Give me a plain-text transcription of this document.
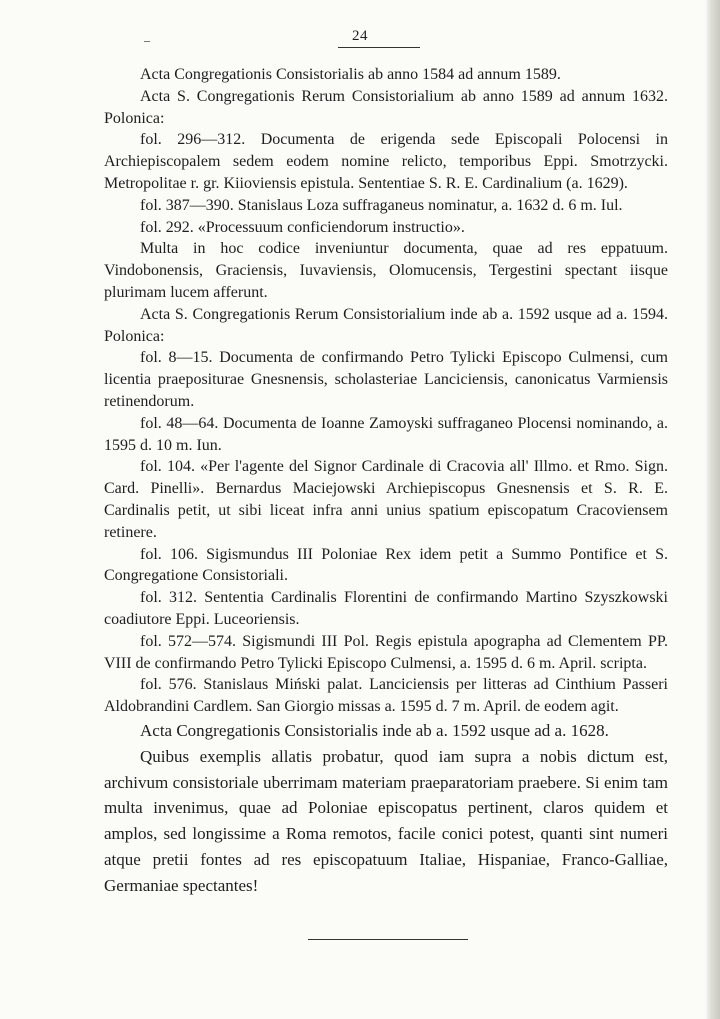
24

Acta Congregationis Consistorialis ab anno 1584 ad annum 1589.

Acta S. Congregationis Rerum Consistorialium ab anno 1589 ad annum 1632. Polonica:

fol. 296—312. Documenta de erigenda sede Episcopali Polocensi in Archiepiscopalem sedem eodem nomine relicto, temporibus Eppi. Smotrzycki. Metropolitae r. gr. Kiioviensis epistula. Sententiae S. R. E. Cardinalium (a. 1629).

fol. 387—390. Stanislaus Loza suffraganeus nominatur, a. 1632 d. 6 m. Iul.

fol. 292. «Processuum conficiendorum instructio».

Multa in hoc codice inveniuntur documenta, quae ad res eppatuum. Vindobonensis, Graciensis, Iuvaviensis, Olomucensis, Tergestini spectant iisque plurimam lucem afferunt.

Acta S. Congregationis Rerum Consistorialium inde ab a. 1592 usque ad a. 1594. Polonica:

fol. 8—15. Documenta de confirmando Petro Tylicki Episcopo Culmensi, cum licentia praepositurae Gnesnensis, scholasteriae Lanciciensis, canonicatus Varmiensis retinendorum.

fol. 48—64. Documenta de Ioanne Zamoyski suffraganeo Plocensi nominando, a. 1595 d. 10 m. Iun.

fol. 104. «Per l'agente del Signor Cardinale di Cracovia all' Illmo. et Rmo. Sign. Card. Pinelli». Bernardus Maciejowski Archiepiscopus Gnesnensis et S. R. E. Cardinalis petit, ut sibi liceat infra anni unius spatium episcopatum Cracoviensem retinere.

fol. 106. Sigismundus III Poloniae Rex idem petit a Summo Pontifice et S. Congregatione Consistoriali.

fol. 312. Sententia Cardinalis Florentini de confirmando Martino Szyszkowski coadiutore Eppi. Luceoriensis.

fol. 572—574. Sigismundi III Pol. Regis epistula apographa ad Clementem PP. VIII de confirmando Petro Tylicki Episcopo Culmensi, a. 1595 d. 6 m. April. scripta.

fol. 576. Stanislaus Miński palat. Lanciciensis per litteras ad Cinthium Passeri Aldobrandini Cardlem. San Giorgio missas a. 1595 d. 7 m. April. de eodem agit.

Acta Congregationis Consistorialis inde ab a. 1592 usque ad a. 1628.

Quibus exemplis allatis probatur, quod iam supra a nobis dictum est, archivum consistoriale uberrimam materiam praeparatoriam praebere. Si enim tam multa invenimus, quae ad Poloniae episcopatus pertinent, claros quidem et amplos, sed longissime a Roma remotos, facile conici potest, quanti sint numeri atque pretii fontes ad res episcopatuum Italiae, Hispaniae, Franco-Galliae, Germaniae spectantes!
